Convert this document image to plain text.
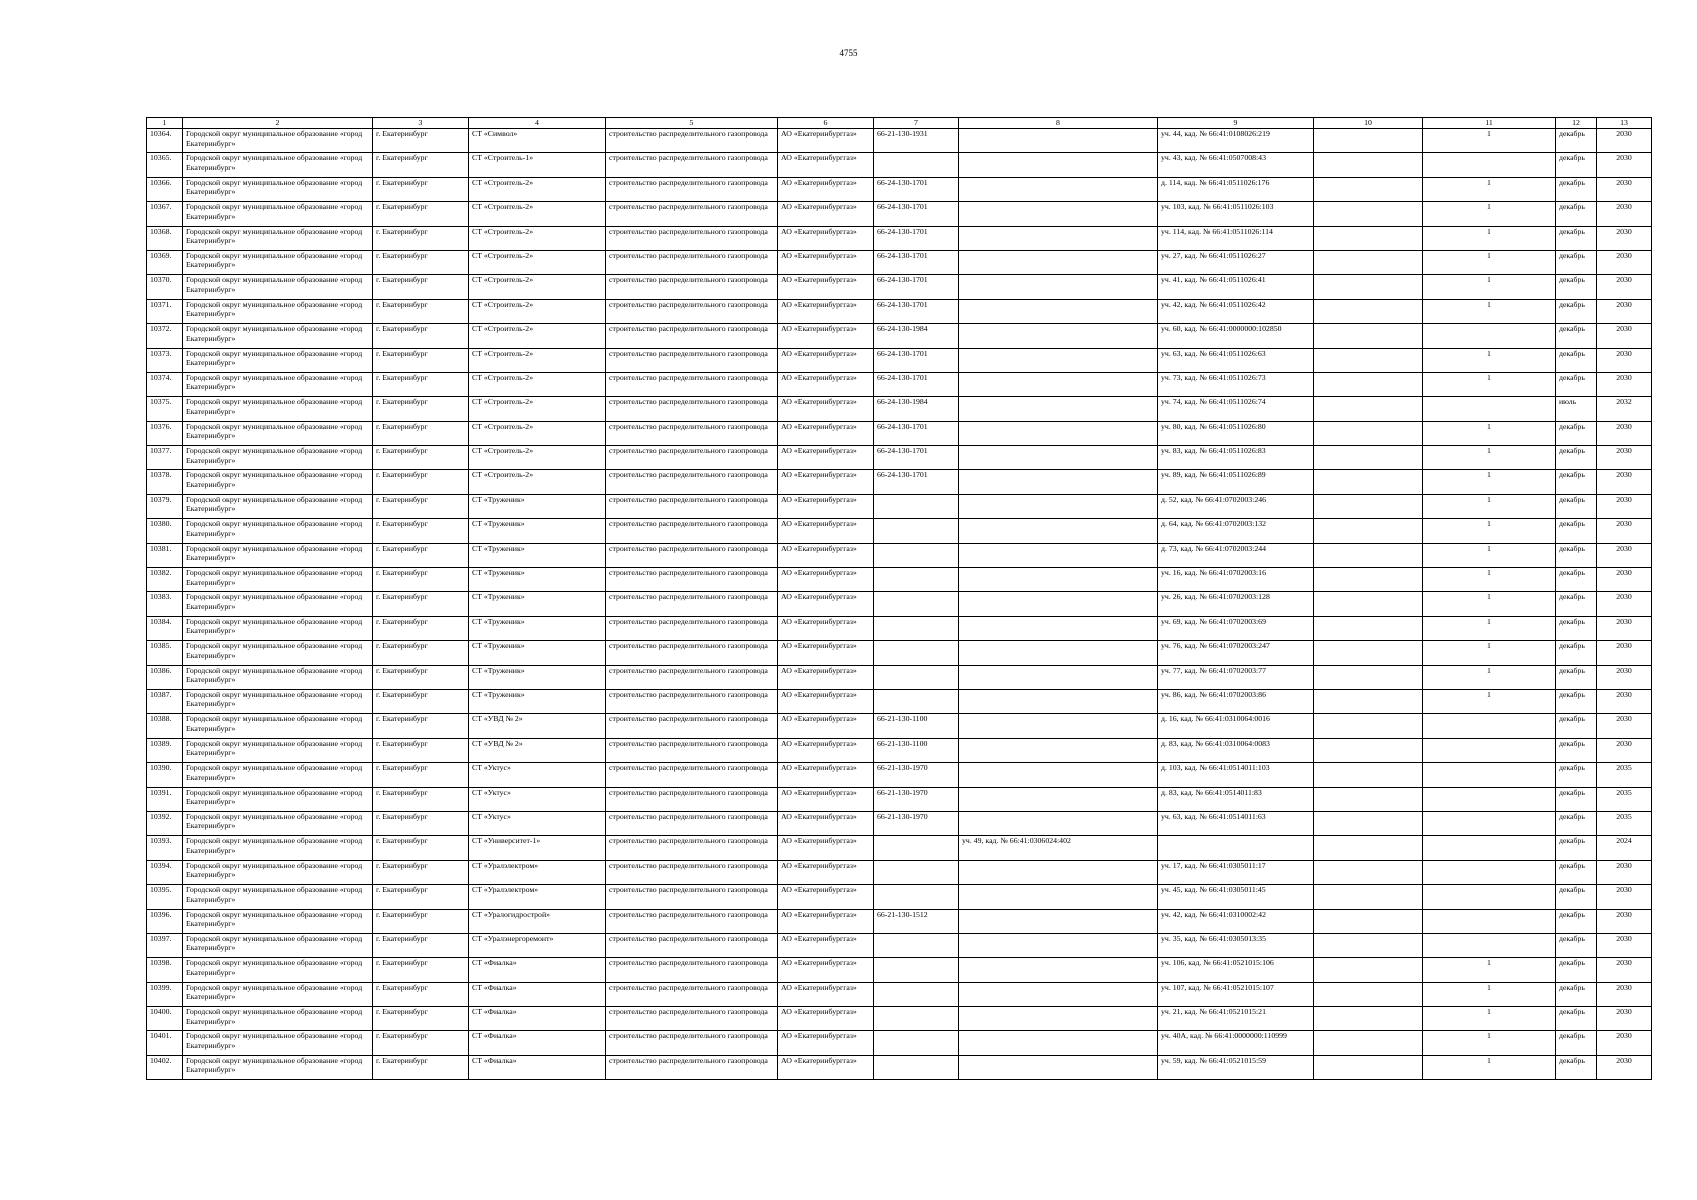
4755
1	2	3	4	5	6	7	8	9	10	11	12	13
10364.	Городской округ муниципальное образование «город Екатеринбург»	г. Екатеринбург	СТ «Символ»	строительство распределительного газопровода	АО «Екатеринбурггаз»	66-21-130-1931		уч. 44, кад. № 66:41:0108026:219		1	декабрь	2030
10365.	Городской округ муниципальное образование «город Екатеринбург»	г. Екатеринбург	СТ «Строитель-1»	строительство распределительного газопровода	АО «Екатеринбурггаз»			уч. 43, кад. № 66:41:0507008:43			декабрь	2030
10366.	Городской округ муниципальное образование «город Екатеринбург»	г. Екатеринбург	СТ «Строитель-2»	строительство распределительного газопровода	АО «Екатеринбурггаз»	66-24-130-1701		д. 114, кад. № 66:41:0511026:176		1	декабрь	2030
10367.	Городской округ муниципальное образование «город Екатеринбург»	г. Екатеринбург	СТ «Строитель-2»	строительство распределительного газопровода	АО «Екатеринбурггаз»	66-24-130-1701		уч. 103, кад. № 66:41:0511026:103		1	декабрь	2030
10368.	Городской округ муниципальное образование «город Екатеринбург»	г. Екатеринбург	СТ «Строитель-2»	строительство распределительного газопровода	АО «Екатеринбурггаз»	66-24-130-1701		уч. 114, кад. № 66:41:0511026:114		1	декабрь	2030
10369.	Городской округ муниципальное образование «город Екатеринбург»	г. Екатеринбург	СТ «Строитель-2»	строительство распределительного газопровода	АО «Екатеринбурггаз»	66-24-130-1701		уч. 27, кад. № 66:41:0511026:27		1	декабрь	2030
10370.	Городской округ муниципальное образование «город Екатеринбург»	г. Екатеринбург	СТ «Строитель-2»	строительство распределительного газопровода	АО «Екатеринбурггаз»	66-24-130-1701		уч. 41, кад. № 66:41:0511026:41		1	декабрь	2030
10371.	Городской округ муниципальное образование «город Екатеринбург»	г. Екатеринбург	СТ «Строитель-2»	строительство распределительного газопровода	АО «Екатеринбурггаз»	66-24-130-1701		уч. 42, кад. № 66:41:0511026:42		1	декабрь	2030
10372.	Городской округ муниципальное образование «город Екатеринбург»	г. Екатеринбург	СТ «Строитель-2»	строительство распределительного газопровода	АО «Екатеринбурггаз»	66-24-130-1984		уч. 60, кад. № 66:41:0000000:102850			декабрь	2030
10373.	Городской округ муниципальное образование «город Екатеринбург»	г. Екатеринбург	СТ «Строитель-2»	строительство распределительного газопровода	АО «Екатеринбурггаз»	66-24-130-1701		уч. 63, кад. № 66:41:0511026:63		1	декабрь	2030
10374.	Городской округ муниципальное образование «город Екатеринбург»	г. Екатеринбург	СТ «Строитель-2»	строительство распределительного газопровода	АО «Екатеринбурггаз»	66-24-130-1701		уч. 73, кад. № 66:41:0511026:73		1	декабрь	2030
10375.	Городской округ муниципальное образование «город Екатеринбург»	г. Екатеринбург	СТ «Строитель-2»	строительство распределительного газопровода	АО «Екатеринбурггаз»	66-24-130-1984		уч. 74, кад. № 66:41:0511026:74			июль	2032
10376.	Городской округ муниципальное образование «город Екатеринбург»	г. Екатеринбург	СТ «Строитель-2»	строительство распределительного газопровода	АО «Екатеринбурггаз»	66-24-130-1701		уч. 80, кад. № 66:41:0511026:80		1	декабрь	2030
10377.	Городской округ муниципальное образование «город Екатеринбург»	г. Екатеринбург	СТ «Строитель-2»	строительство распределительного газопровода	АО «Екатеринбурггаз»	66-24-130-1701		уч. 83, кад. № 66:41:0511026:83		1	декабрь	2030
10378.	Городской округ муниципальное образование «город Екатеринбург»	г. Екатеринбург	СТ «Строитель-2»	строительство распределительного газопровода	АО «Екатеринбурггаз»	66-24-130-1701		уч. 89, кад. № 66:41:0511026:89		1	декабрь	2030
10379.	Городской округ муниципальное образование «город Екатеринбург»	г. Екатеринбург	СТ «Труженик»	строительство распределительного газопровода	АО «Екатеринбурггаз»			д. 52, кад. № 66:41:0702003:246		1	декабрь	2030
10380.	Городской округ муниципальное образование «город Екатеринбург»	г. Екатеринбург	СТ «Труженик»	строительство распределительного газопровода	АО «Екатеринбурггаз»			д. 64, кад. № 66:41:0702003:132		1	декабрь	2030
10381.	Городской округ муниципальное образование «город Екатеринбург»	г. Екатеринбург	СТ «Труженик»	строительство распределительного газопровода	АО «Екатеринбурггаз»			д. 73, кад. № 66:41:0702003:244		1	декабрь	2030
10382.	Городской округ муниципальное образование «город Екатеринбург»	г. Екатеринбург	СТ «Труженик»	строительство распределительного газопровода	АО «Екатеринбурггаз»			уч. 16, кад. № 66:41:0702003:16		1	декабрь	2030
10383.	Городской округ муниципальное образование «город Екатеринбург»	г. Екатеринбург	СТ «Труженик»	строительство распределительного газопровода	АО «Екатеринбурггаз»			уч. 26, кад. № 66:41:0702003:128		1	декабрь	2030
10384.	Городской округ муниципальное образование «город Екатеринбург»	г. Екатеринбург	СТ «Труженик»	строительство распределительного газопровода	АО «Екатеринбурггаз»			уч. 69, кад. № 66:41:0702003:69		1	декабрь	2030
10385.	Городской округ муниципальное образование «город Екатеринбург»	г. Екатеринбург	СТ «Труженик»	строительство распределительного газопровода	АО «Екатеринбурггаз»			уч. 76, кад. № 66:41:0702003:247		1	декабрь	2030
10386.	Городской округ муниципальное образование «город Екатеринбург»	г. Екатеринбург	СТ «Труженик»	строительство распределительного газопровода	АО «Екатеринбурггаз»			уч. 77, кад. № 66:41:0702003:77		1	декабрь	2030
10387.	Городской округ муниципальное образование «город Екатеринбург»	г. Екатеринбург	СТ «Труженик»	строительство распределительного газопровода	АО «Екатеринбурггаз»			уч. 86, кад. № 66:41:0702003:86		1	декабрь	2030
10388.	Городской округ муниципальное образование «город Екатеринбург»	г. Екатеринбург	СТ «УВД № 2»	строительство распределительного газопровода	АО «Екатеринбурггаз»	66-21-130-1100		д. 16, кад. № 66:41:0310064:0016			декабрь	2030
10389.	Городской округ муниципальное образование «город Екатеринбург»	г. Екатеринбург	СТ «УВД № 2»	строительство распределительного газопровода	АО «Екатеринбурггаз»	66-21-130-1100		д. 83, кад. № 66:41:0310064:0083			декабрь	2030
10390.	Городской округ муниципальное образование «город Екатеринбург»	г. Екатеринбург	СТ «Уктус»	строительство распределительного газопровода	АО «Екатеринбурггаз»	66-21-130-1970		д. 103, кад. № 66:41:0514011:103			декабрь	2035
10391.	Городской округ муниципальное образование «город Екатеринбург»	г. Екатеринбург	СТ «Уктус»	строительство распределительного газопровода	АО «Екатеринбурггаз»	66-21-130-1970		д. 83, кад. № 66:41:0514011:83			декабрь	2035
10392.	Городской округ муниципальное образование «город Екатеринбург»	г. Екатеринбург	СТ «Уктус»	строительство распределительного газопровода	АО «Екатеринбурггаз»	66-21-130-1970		уч. 63, кад. № 66:41:0514011:63			декабрь	2035
10393.	Городской округ муниципальное образование «город Екатеринбург»	г. Екатеринбург	СТ «Университет-1»	строительство распределительного газопровода	АО «Екатеринбурггаз»		уч. 49, кад. № 66:41:0306024:402				декабрь	2024
10394.	Городской округ муниципальное образование «город Екатеринбург»	г. Екатеринбург	СТ «Уралэлектром»	строительство распределительного газопровода	АО «Екатеринбурггаз»			уч. 17, кад. № 66:41:0305011:17			декабрь	2030
10395.	Городской округ муниципальное образование «город Екатеринбург»	г. Екатеринбург	СТ «Уралэлектром»	строительство распределительного газопровода	АО «Екатеринбурггаз»			уч. 45, кад. № 66:41:0305011:45			декабрь	2030
10396.	Городской округ муниципальное образование «город Екатеринбург»	г. Екатеринбург	СТ «Уралогидрострой»	строительство распределительного газопровода	АО «Екатеринбурггаз»	66-21-130-1512		уч. 42, кад. № 66:41:0310002:42			декабрь	2030
10397.	Городской округ муниципальное образование «город Екатеринбург»	г. Екатеринбург	СТ «Уралэнергоремонт»	строительство распределительного газопровода	АО «Екатеринбурггаз»			уч. 35, кад. № 66:41:0305013:35			декабрь	2030
10398.	Городской округ муниципальное образование «город Екатеринбург»	г. Екатеринбург	СТ «Фиалка»	строительство распределительного газопровода	АО «Екатеринбурггаз»			уч. 106, кад. № 66:41:0521015:106		1	декабрь	2030
10399.	Городской округ муниципальное образование «город Екатеринбург»	г. Екатеринбург	СТ «Фиалка»	строительство распределительного газопровода	АО «Екатеринбурггаз»			уч. 107, кад. № 66:41:0521015:107		1	декабрь	2030
10400.	Городской округ муниципальное образование «город Екатеринбург»	г. Екатеринбург	СТ «Фиалка»	строительство распределительного газопровода	АО «Екатеринбурггаз»			уч. 21, кад. № 66:41:0521015:21		1	декабрь	2030
10401.	Городской округ муниципальное образование «город Екатеринбург»	г. Екатеринбург	СТ «Фиалка»	строительство распределительного газопровода	АО «Екатеринбурггаз»			уч. 40А, кад. № 66:41:0000000:110999		1	декабрь	2030
10402.	Городской округ муниципальное образование «город Екатеринбург»	г. Екатеринбург	СТ «Фиалка»	строительство распределительного газопровода	АО «Екатеринбурггаз»			уч. 59, кад. № 66:41:0521015:59		1	декабрь	2030
